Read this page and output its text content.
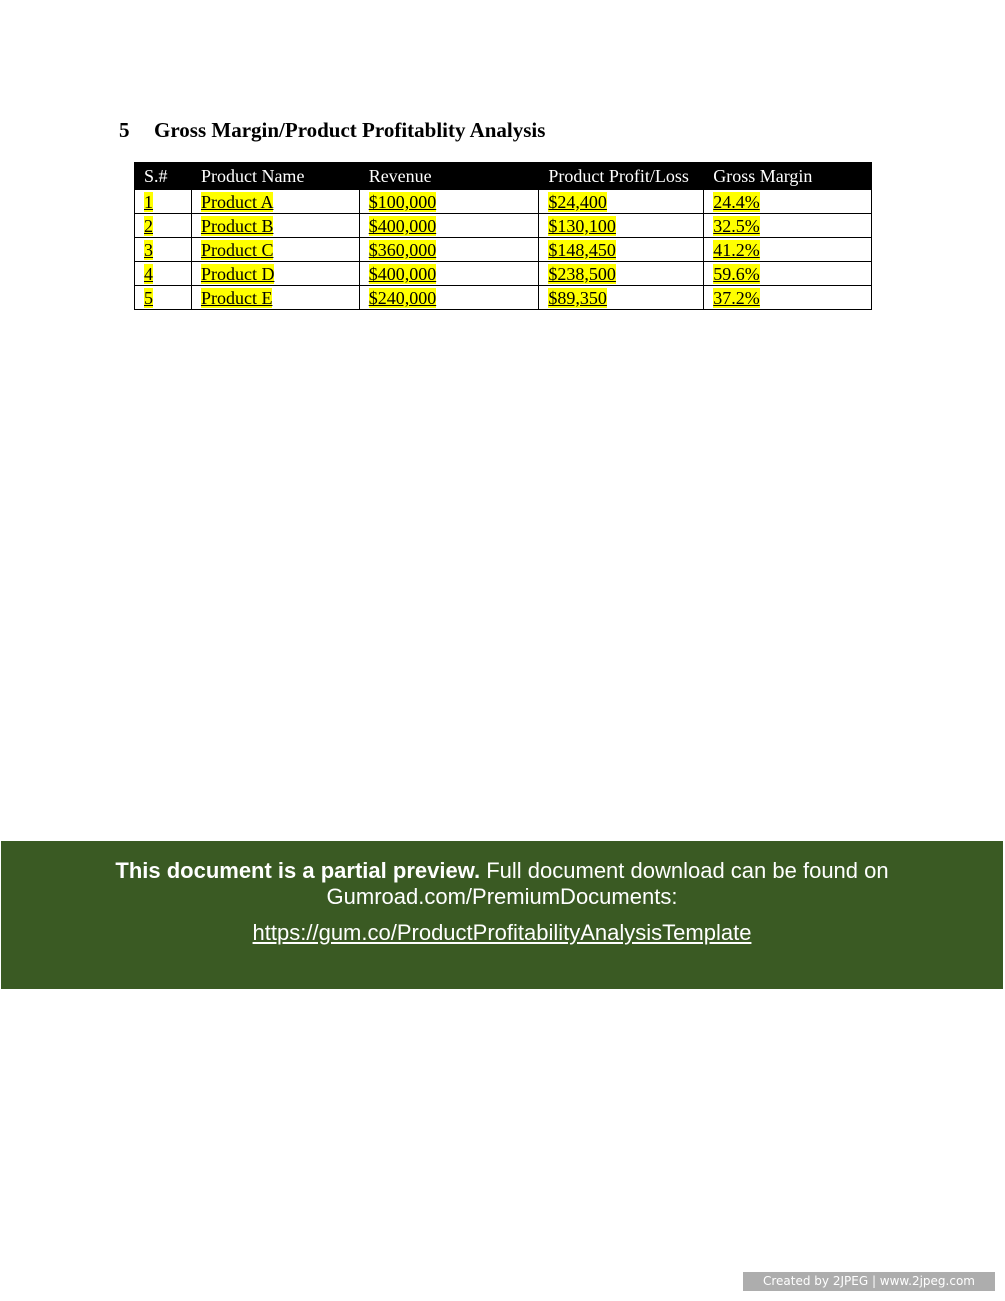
5 Gross Margin/Product Profitablity Analysis
S.#	Product Name	Revenue	Product Profit/Loss	Gross Margin
1	Product A	$100,000	$24,400	24.4%
2	Product B	$400,000	$130,100	32.5%
3	Product C	$360,000	$148,450	41.2%
4	Product D	$400,000	$238,500	59.6%
5	Product E	$240,000	$89,350	37.2%
This document is a partial preview. Full document download can be found on Gumroad.com/PremiumDocuments:
https://gum.co/ProductProfitabilityAnalysisTemplate
Created by 2JPEG | www.2jpeg.com
